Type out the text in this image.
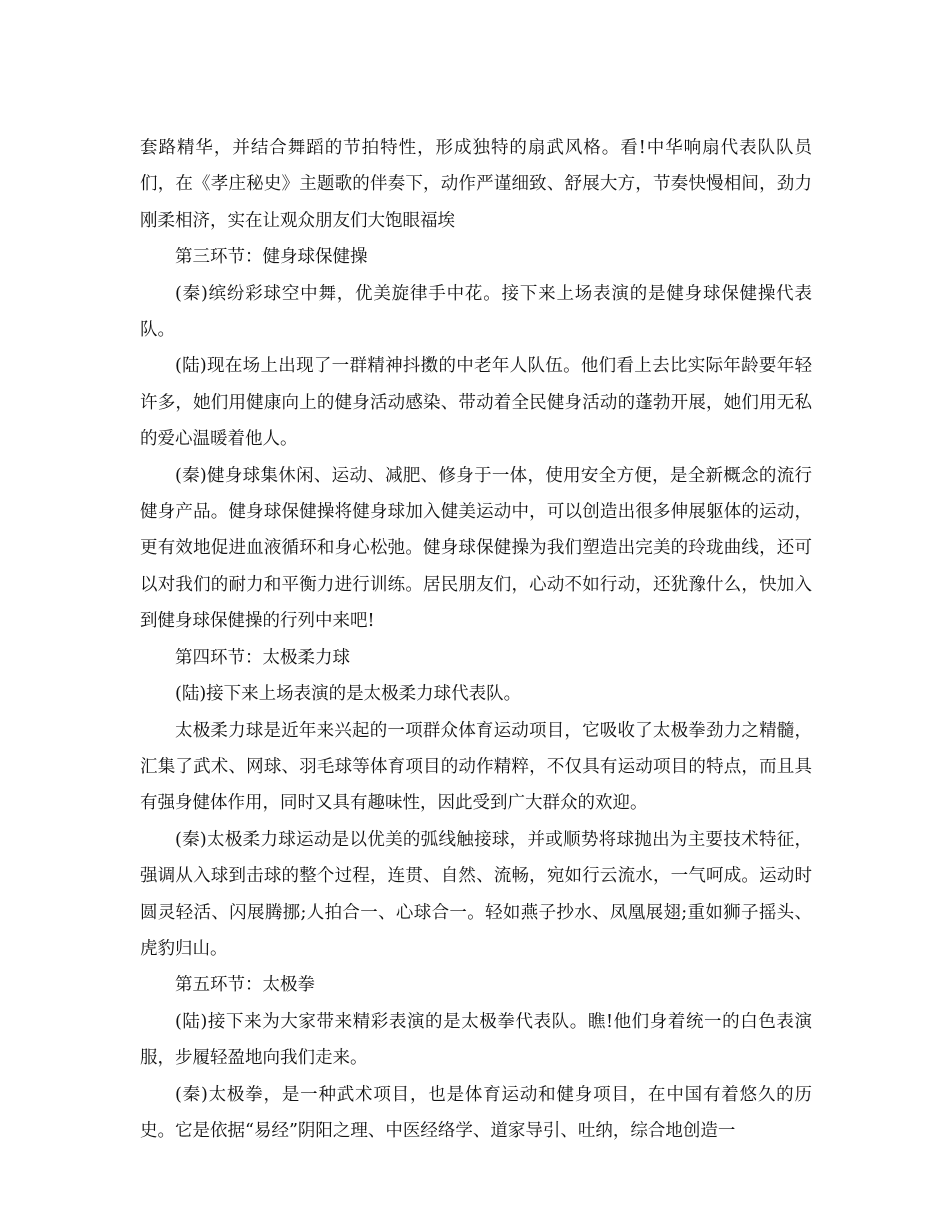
套路精华，并结合舞蹈的节拍特性，形成独特的扇武风格。看!中华响扇代表队队员们，在《孝庄秘史》主题歌的伴奏下，动作严谨细致、舒展大方，节奏快慢相间，劲力刚柔相济，实在让观众朋友们大饱眼福埃

第三环节：健身球保健操

(秦)缤纷彩球空中舞，优美旋律手中花。接下来上场表演的是健身球保健操代表队。

(陆)现在场上出现了一群精神抖擞的中老年人队伍。他们看上去比实际年龄要年轻许多，她们用健康向上的健身活动感染、带动着全民健身活动的蓬勃开展，她们用无私的爱心温暖着他人。

(秦)健身球集休闲、运动、减肥、修身于一体，使用安全方便，是全新概念的流行健身产品。健身球保健操将健身球加入健美运动中，可以创造出很多伸展躯体的运动，更有效地促进血液循环和身心松弛。健身球保健操为我们塑造出完美的玲珑曲线，还可以对我们的耐力和平衡力进行训练。居民朋友们，心动不如行动，还犹豫什么，快加入到健身球保健操的行列中来吧!

第四环节：太极柔力球

(陆)接下来上场表演的是太极柔力球代表队。

太极柔力球是近年来兴起的一项群众体育运动项目，它吸收了太极拳劲力之精髓，汇集了武术、网球、羽毛球等体育项目的动作精粹，不仅具有运动项目的特点，而且具有强身健体作用，同时又具有趣味性，因此受到广大群众的欢迎。

(秦)太极柔力球运动是以优美的弧线触接球，并或顺势将球抛出为主要技术特征，强调从入球到击球的整个过程，连贯、自然、流畅，宛如行云流水，一气呵成。运动时圆灵轻活、闪展腾挪;人拍合一、心球合一。轻如燕子抄水、凤凰展翅;重如狮子摇头、虎豹归山。

第五环节：太极拳

(陆)接下来为大家带来精彩表演的是太极拳代表队。瞧!他们身着统一的白色表演服，步履轻盈地向我们走来。

(秦)太极拳，是一种武术项目，也是体育运动和健身项目，在中国有着悠久的历史。它是依据“易经”阴阳之理、中医经络学、道家导引、吐纳，综合地创造一
